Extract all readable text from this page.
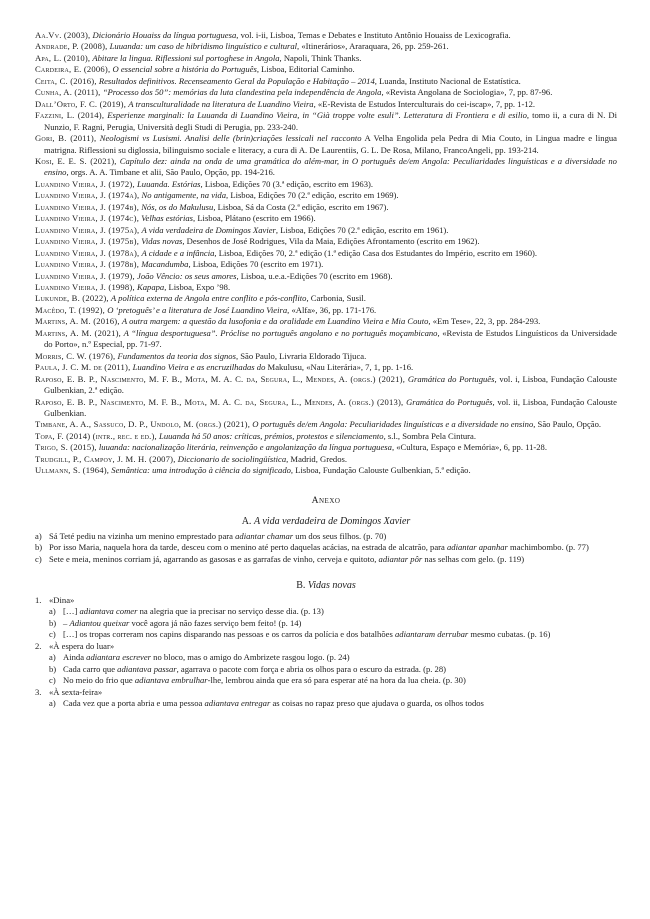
Aa.Vv. (2003), Dicionário Houaiss da língua portuguesa, vol. i-ii, Lisboa, Temas e Debates e Instituto Antônio Houaiss de Lexicografia.

Andrade, P. (2008), Luuanda: um caso de hibridismo linguístico e cultural, «Itinerários», Araraquara, 26, pp. 259-261.

Apa, L. (2010), Abitare la lingua. Riflessioni sul portoghese in Angola, Napoli, Think Thanks.

Cardeira, E. (2006), O essencial sobre a história do Português, Lisboa, Editorial Caminho.

Ceita, C. (2016), Resultados definitivos. Recenseamento Geral da População e Habitação – 2014, Luanda, Instituto Nacional de Estatística.

Cunha, A. (2011), “Processo dos 50”: memórias da luta clandestina pela independência de Angola, «Revista Angolana de Sociologia», 7, pp. 87-96.

Dall’Orto, F. C. (2019), A transculturalidade na literatura de Luandino Vieira, «E-Revista de Estudos Interculturais do cei-iscap», 7, pp. 1-12.

Fazzini, L. (2014), Esperienze marginali: la Luuanda di Luandino Vieira, in “Già troppe volte esuli”. Letteratura di Frontiera e di esilio, tomo ii, a cura di N. Di Nunzio, F. Ragni, Perugia, Università degli Studi di Perugia, pp. 233-240.

Gori, B. (2011), Neologismi vs Lusismi. Analisi delle (brin)criações lessicali nel racconto A Velha Engolida pela Pedra di Mia Couto, in Lingua madre e lingua matrigna. Riflessioni su diglossia, bilinguismo sociale e literacy, a cura di A. De Laurentiis, G. L. De Rosa, Milano, FrancoAngeli, pp. 193-214.

Kosi, E. E. S. (2021), Capítulo dez: ainda na onda de uma gramática do além-mar, in O português de/em Angola: Peculiaridades linguísticas e a diversidade no ensino, orgs. A. A. Timbane et alii, São Paulo, Opção, pp. 194-216.

Luandino Vieira, J. (1972), Luuanda. Estórias, Lisboa, Edições 70 (3.ª edição, escrito em 1963).

Luandino Vieira, J. (1974a), No antigamente, na vida, Lisboa, Edições 70 (2.ª edição, escrito em 1969).

Luandino Vieira, J. (1974b), Nós, os do Makulusu, Lisboa, Sá da Costa (2.ª edição, escrito em 1967).

Luandino Vieira, J. (1974c), Velhas estórias, Lisboa, Plátano (escrito em 1966).

Luandino Vieira, J. (1975a), A vida verdadeira de Domingos Xavier, Lisboa, Edições 70 (2.ª edição, escrito em 1961).

Luandino Vieira, J. (1975b), Vidas novas, Desenhos de José Rodrigues, Vila da Maia, Edições Afrontamento (escrito em 1962).

Luandino Vieira, J. (1978a), A cidade e a infância, Lisboa, Edições 70, 2.ª edição (1.ª edição Casa dos Estudantes do Império, escrito em 1960).

Luandino Vieira, J. (1978b), Macandumba, Lisboa, Edições 70 (escrito em 1971).

Luandino Vieira, J. (1979), João Vêncio: os seus amores, Lisboa, u.e.a.-Edições 70 (escrito em 1968).

Luandino Vieira, J. (1998), Kapapa, Lisboa, Expo ’98.

Lukunde, B. (2022), A política externa de Angola entre conflito e pós-conflito, Carbonia, Susil.

Macêdo, T. (1992), O ‘pretoguês’ e a literatura de José Luandino Vieira, «Alfa», 36, pp. 171-176.

Martins, A. M. (2016), A outra margem: a questão da lusofonia e da oralidade em Luandino Vieira e Mia Couto, «Em Tese», 22, 3, pp. 284-293.

Martins, A. M. (2021), A “língua desportuguesa”. Próclise no português angolano e no português moçambicano, «Revista de Estudos Linguísticos da Universidade do Porto», n.º Especial, pp. 71-97.

Morris, C. W. (1976), Fundamentos da teoria dos signos, São Paulo, Livraria Eldorado Tijuca.

Paula, J. C. M. de (2011), Luandino Vieira e as encruzilhadas do Makulusu, «Nau Literária», 7, 1, pp. 1-16.

Raposo, E. B. P., Nascimento, M. F. B., Mota, M. A. C. da, Segura, L., Mendes, A. (orgs.) (2021), Gramática do Português, vol. i, Lisboa, Fundação Calouste Gulbenkian, 2.ª edição.

Raposo, E. B. P., Nascimento, M. F. B., Mota, M. A. C. da, Segura, L., Mendes, A. (orgs.) (2013), Gramática do Português, vol. ii, Lisboa, Fundação Calouste Gulbenkian.

Timbane, A. A., Sassuco, D. P., Undolo, M. (orgs.) (2021), O português de/em Angola: Peculiaridades linguísticas e a diversidade no ensino, São Paulo, Opção.

Topa, F. (2014) (intr., rec. e ed.), Luuanda há 50 anos: críticas, prémios, protestos e silenciamento, s.l., Sombra Pela Cintura.

Trigo, S. (2015), luuanda: nacionalização literária, reinvenção e angolanização da língua portuguesa, «Cultura, Espaço e Memória», 6, pp. 11-28.

Trudgill, P., Campoy, J. M. H. (2007), Diccionario de sociolingüística, Madrid, Gredos.

Ullmann, S. (1964), Semântica: uma introdução à ciência do significado, Lisboa, Fundação Calouste Gulbenkian, 5.ª edição.

Anexo
A. A vida verdadeira de Domingos Xavier
a) Sá Teté pediu na vizinha um menino emprestado para adiantar chamar um dos seus filhos. (p. 70)
b) Por isso Maria, naquela hora da tarde, desceu com o menino até perto daquelas acácias, na estrada de alcatrão, para adiantar apanhar machimbombo. (p. 77)
c) Sete e meia, meninos corriam já, agarrando as gasosas e as garrafas de vinho, cerveja e quitoto, adiantar pôr nas selhas com gelo. (p. 119)
B. Vidas novas
1. «Dina»
a) […] adiantava comer na alegria que ia precisar no serviço desse dia. (p. 13)
b) – Adiantou queixar você agora já não fazes serviço bem feito! (p. 14)
c) […] os tropas correram nos capins disparando nas pessoas e os carros da polícia e dos batalhões adiantaram derrubar mesmo cubatas. (p. 16)
2. «À espera do luar»
a) Ainda adiantara escrever no bloco, mas o amigo do Ambrizete rasgou logo. (p. 24)
b) Cada carro que adiantava passar, agarrava o pacote com força e abria os olhos para o escuro da estrada. (p. 28)
c) No meio do frio que adiantava embrulhar-lhe, lembrou ainda que era só para esperar até na hora da lua cheia. (p. 30)
3. «À sexta-feira»
a) Cada vez que a porta abria e uma pessoa adiantava entregar as coisas no rapaz preso que ajudava o guarda, os olhos todos
